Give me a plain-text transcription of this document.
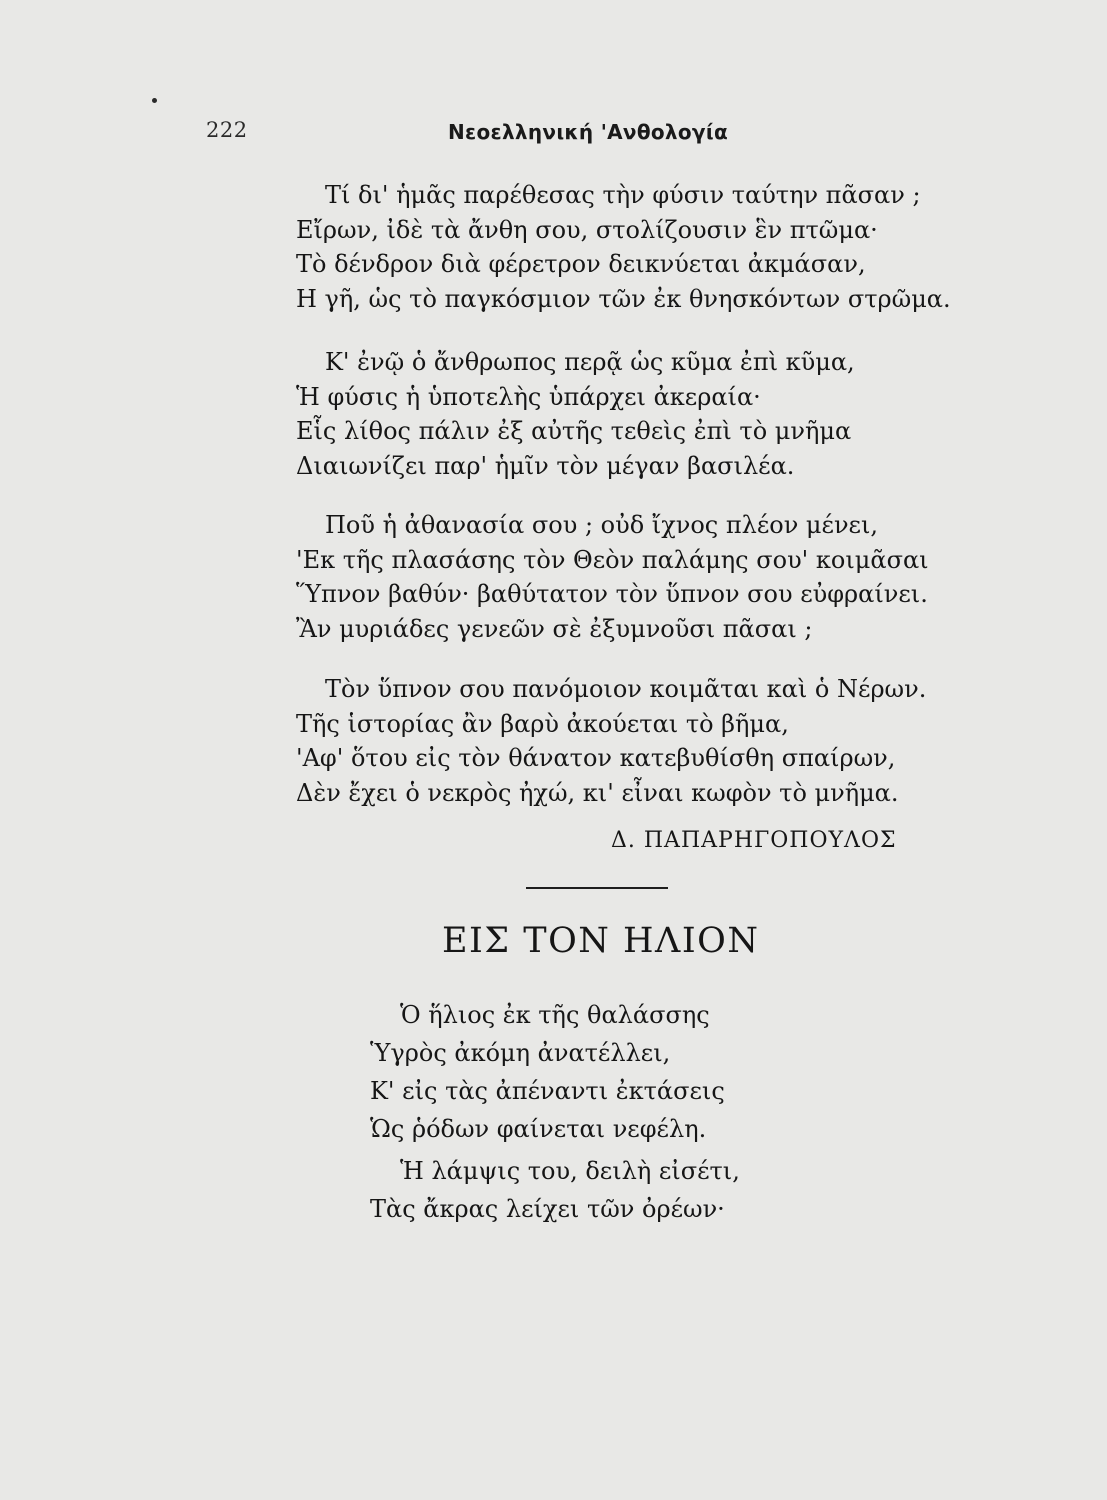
222	Νεοελληνική 'Ανθολογία
Τί δι' ἡμᾶς παρέθεσας τὴν φύσιν ταύτην πᾶσαν ;
Εἴρων, ἰδὲ τὰ ἄνθη σου, στολίζουσιν ἓν πτῶμα·
Τὸ δένδρον διὰ φέρετρον δεικνύεται ἀκμάσαν,
Η γῆ, ὡς τὸ παγκόσμιον τῶν ἐκ θνησκόντων στρῶμα.
Κ' ἐνῷ ὁ ἄνθρωπος περᾷ ὡς κῦμα ἐπὶ κῦμα,
Ἡ φύσις ἡ ὑποτελὴς ὑπάρχει ἀκεραία·
Εἷς λίθος πάλιν ἐξ αὐτῆς τεθεὶς ἐπὶ τὸ μνῆμα
Διαιωνίζει παρ' ἡμῖν τὸν μέγαν βασιλέα.
Ποῦ ἡ ἀθανασία σου ; οὐδ ἴχνος πλέον μένει,
'Εκ τῆς πλασάσης τὸν Θεὸν παλάμης σου' κοιμᾶσαι
Ὕπνον βαθύν· βαθύτατον τὸν ὕπνον σου εὐφραίνει.
Ἂν μυριάδες γενεῶν σὲ ἐξυμνοῦσι πᾶσαι ;
Τὸν ὕπνον σου πανόμοιον κοιμᾶται καὶ ὁ Νέρων.
Τῆς ἱστορίας ἂν βαρὺ ἀκούεται τὸ βῆμα,
'Αφ' ὅτου εἰς τὸν θάνατον κατεβυθίσθη σπαίρων,
Δὲν ἔχει ὁ νεκρὸς ἠχώ, κι' εἶναι κωφὸν τὸ μνῆμα.
Δ. ΠΑΠΑΡΗΓΟΠΟΥΛΟΣ
ΕΙΣ ΤΟΝ ΗΛΙΟΝ
Ὁ ἥλιος ἐκ τῆς θαλάσσης
Ὑγρὸς ἀκόμη ἀνατέλλει,
Κ' εἰς τὰς ἀπέναντι ἐκτάσεις
Ὡς ῥόδων φαίνεται νεφέλη.
Ἡ λάμψις του, δειλὴ εἰσέτι,
Τὰς ἄκρας λείχει τῶν ὀρέων·
